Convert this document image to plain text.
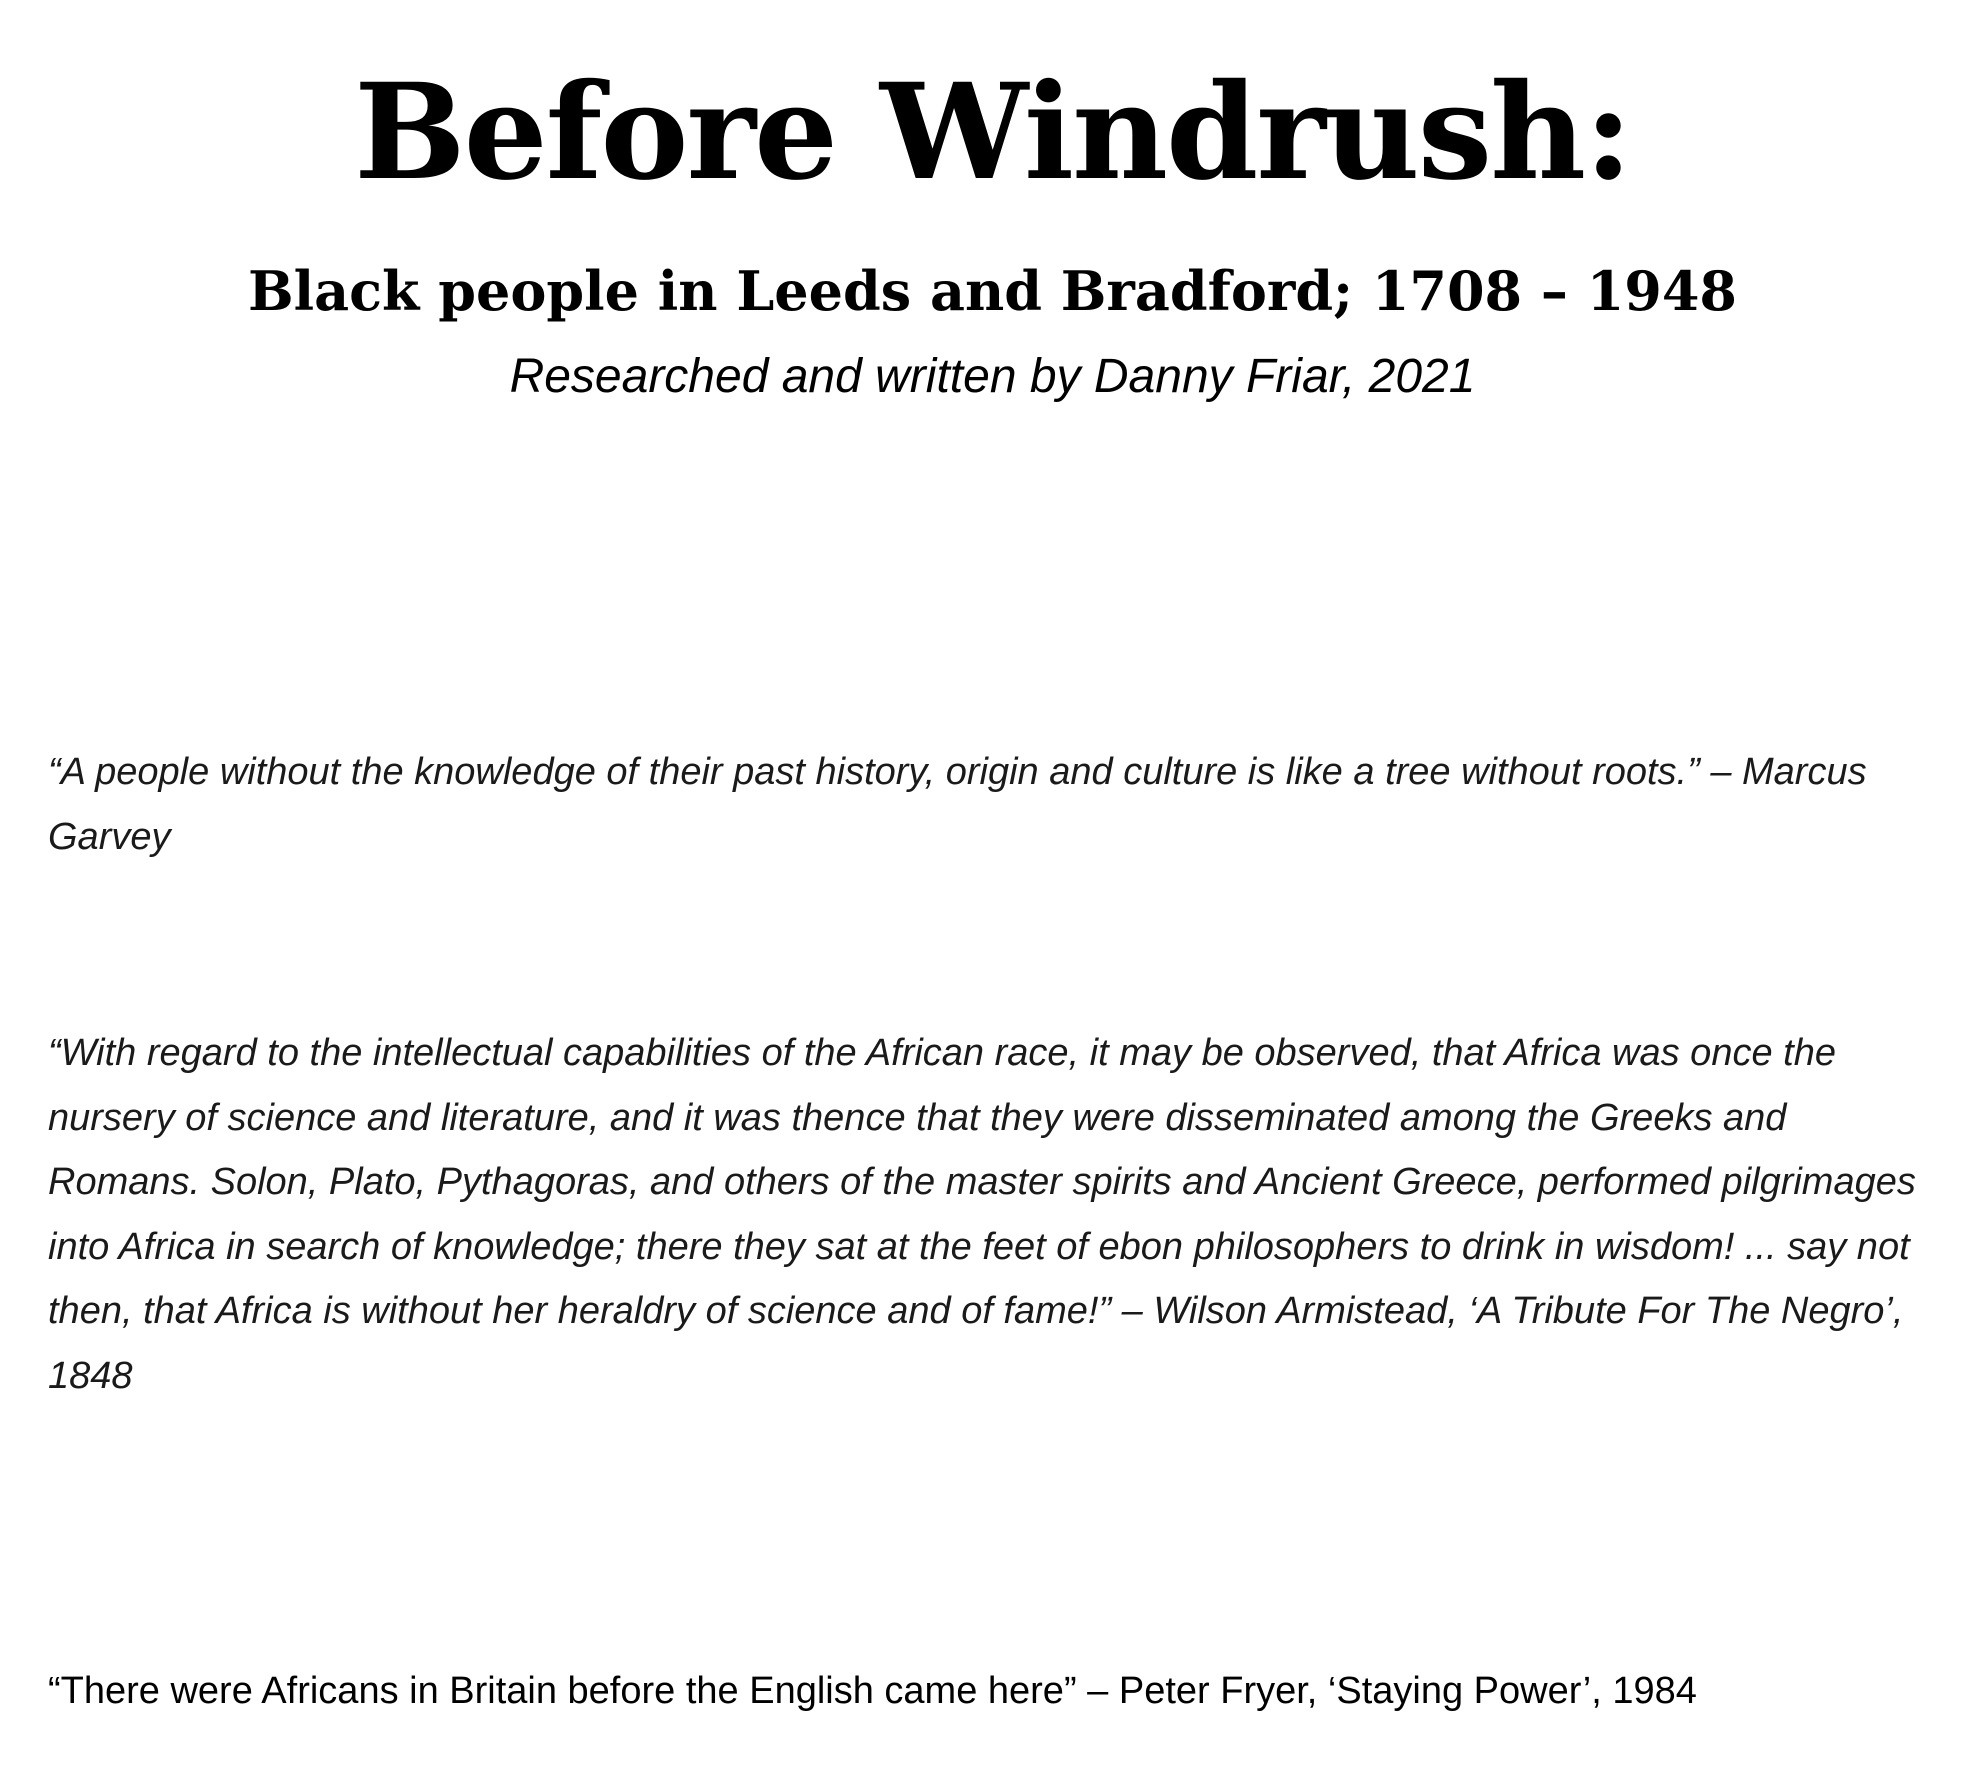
Before Windrush:
Black people in Leeds and Bradford; 1708 – 1948

Researched and written by Danny Friar, 2021

“A people without the knowledge of their past history, origin and culture is like a tree without roots.” – Marcus Garvey

“With regard to the intellectual capabilities of the African race, it may be observed, that Africa was once the nursery of science and literature, and it was thence that they were disseminated among the Greeks and Romans. Solon, Plato, Pythagoras, and others of the master spirits and Ancient Greece, performed pilgrimages into Africa in search of knowledge; there they sat at the feet of ebon philosophers to drink in wisdom! ... say not then, that Africa is without her heraldry of science and of fame!” – Wilson Armistead, ‘A Tribute For The Negro’, 1848

“There were Africans in Britain before the English came here” – Peter Fryer, ‘Staying Power’, 1984
